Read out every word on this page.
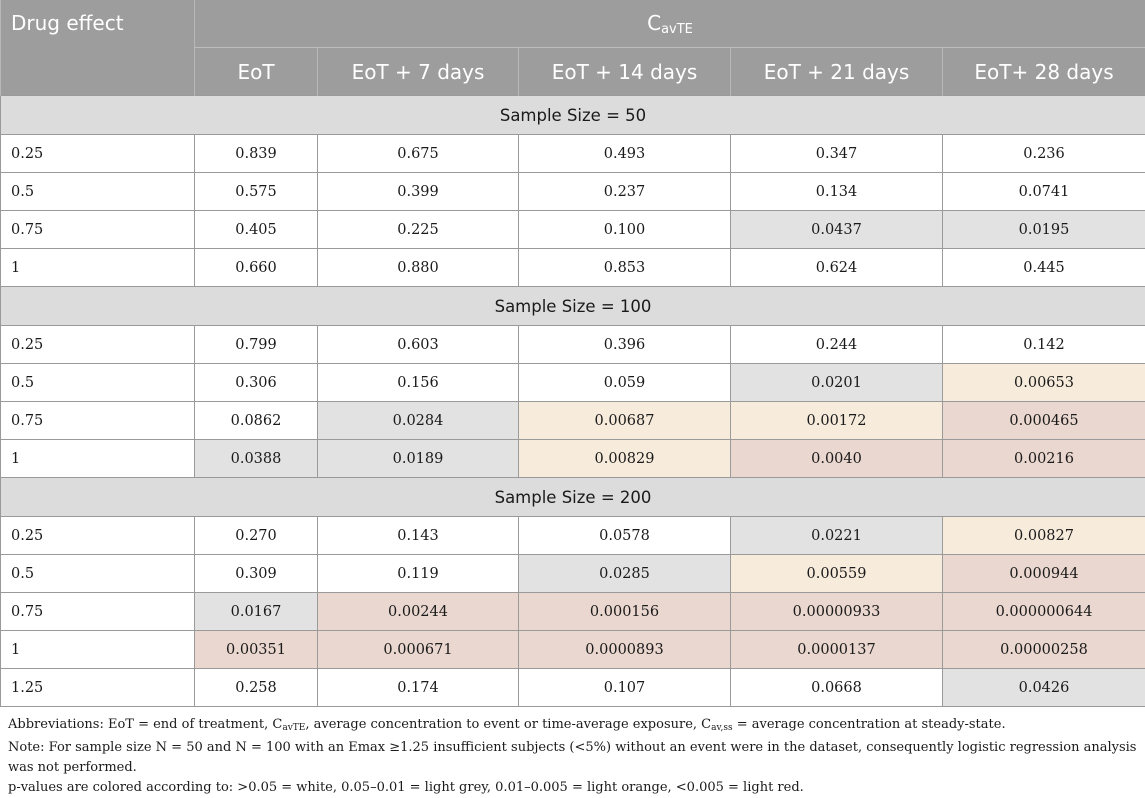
Drug effect	$C_{avTE}$
	EoT	EoT + 7 days	EoT + 14 days	EoT + 21 days	EoT+ 28 days
Sample Size = 50					
0.25	0.839	0.675	0.493	0.347	0.236
0.5	0.575	0.399	0.237	0.134	0.0741
0.75	0.405	0.225	0.100	0.0437	0.0195
1	0.660	0.880	0.853	0.624	0.445
Sample Size = 100					
0.25	0.799	0.603	0.396	0.244	0.142
0.5	0.306	0.156	0.059	0.0201	0.00653
0.75	0.0862	0.0284	0.00687	0.00172	0.000465
1	0.0388	0.0189	0.00829	0.0040	0.00216
Sample Size = 200					
0.25	0.270	0.143	0.0578	0.0221	0.00827
0.5	0.309	0.119	0.0285	0.00559	0.000944
0.75	0.0167	0.00244	0.000156	0.00000933	0.000000644
1	0.00351	0.000671	0.0000893	0.0000137	0.00000258
1.25	0.258	0.174	0.107	0.0668	0.0426
Abbreviations: EoT = end of treatment, $C_{avTE}$, average concentration to event or time-average exposure, $C_{av,ss}$ = average concentration at steady-state.
Note: For sample size N = 50 and N = 100 with an Emax ≥1.25 insufficient subjects (<5%) without an event were in the dataset, consequently logistic regression analysis was not performed.
p-values are colored according to: >0.05 = white, 0.05–0.01 = light grey, 0.01–0.005 = light orange, <0.005 = light red.
